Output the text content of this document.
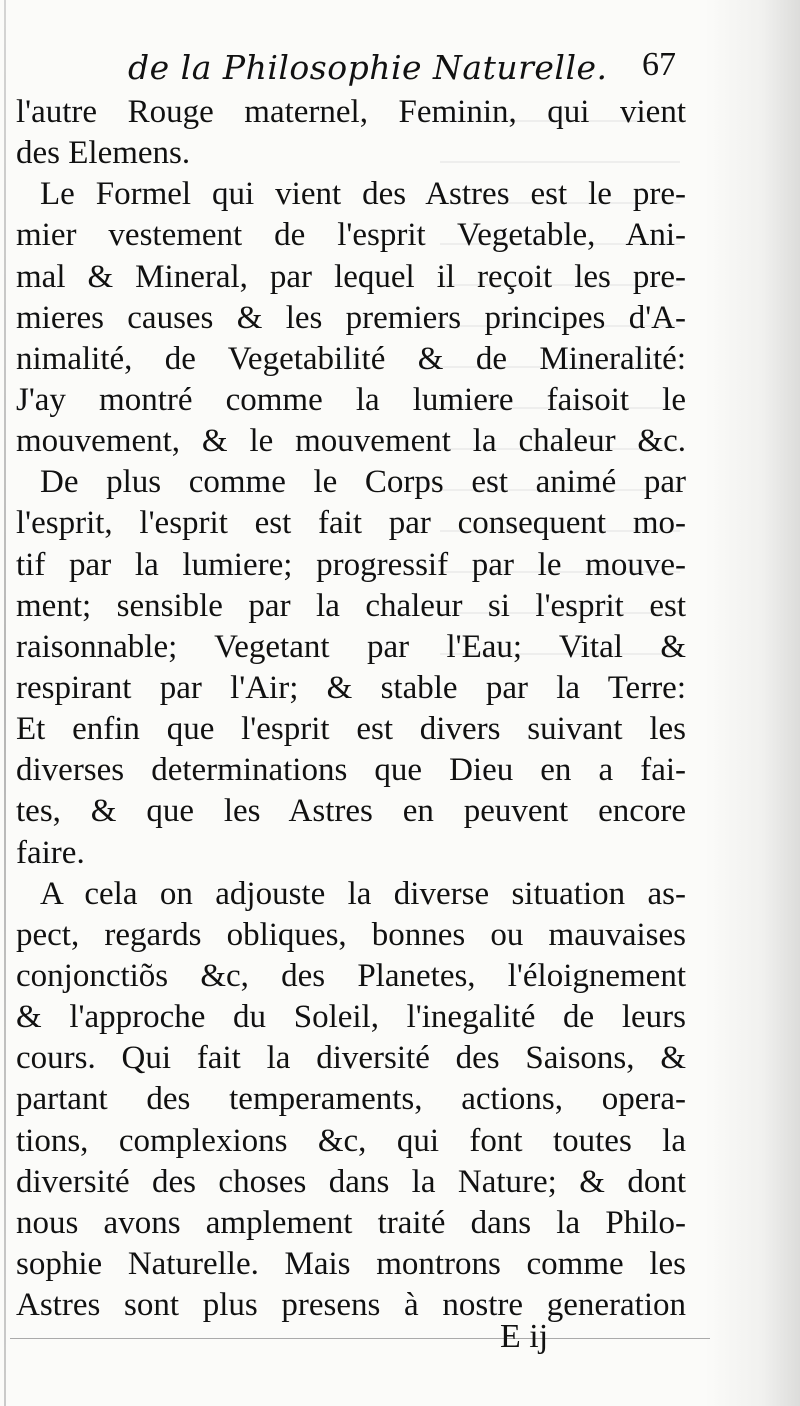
de la Philosophie Naturelle. 67
l'autre Rouge maternel, Feminin, qui vient
des Elemens.
Le Formel qui vient des Astres est le pre-
mier vestement de l'esprit Vegetable, Ani-
mal & Mineral, par lequel il reçoit les pre-
mieres causes & les premiers principes d'A-
nimalité, de Vegetabilité & de Mineralité:
J'ay montré comme la lumiere faisoit le
mouvement, & le mouvement la chaleur &c.
De plus comme le Corps est animé par
l'esprit, l'esprit est fait par consequent mo-
tif par la lumiere; progressif par le mouve-
ment; sensible par la chaleur si l'esprit est
raisonnable; Vegetant par l'Eau; Vital &
respirant par l'Air; & stable par la Terre:
Et enfin que l'esprit est divers suivant les
diverses determinations que Dieu en a fai-
tes, & que les Astres en peuvent encore
faire.
A cela on adjouste la diverse situation as-
pect, regards obliques, bonnes ou mauvaises
conjonctiõs &c, des Planetes, l'éloignement
& l'approche du Soleil, l'inegalité de leurs
cours. Qui fait la diversité des Saisons, &
partant des temperaments, actions, opera-
tions, complexions &c, qui font toutes la
diversité des choses dans la Nature; & dont
nous avons amplement traité dans la Philo-
sophie Naturelle. Mais montrons comme les
Astres sont plus presens à nostre generation
E ij
